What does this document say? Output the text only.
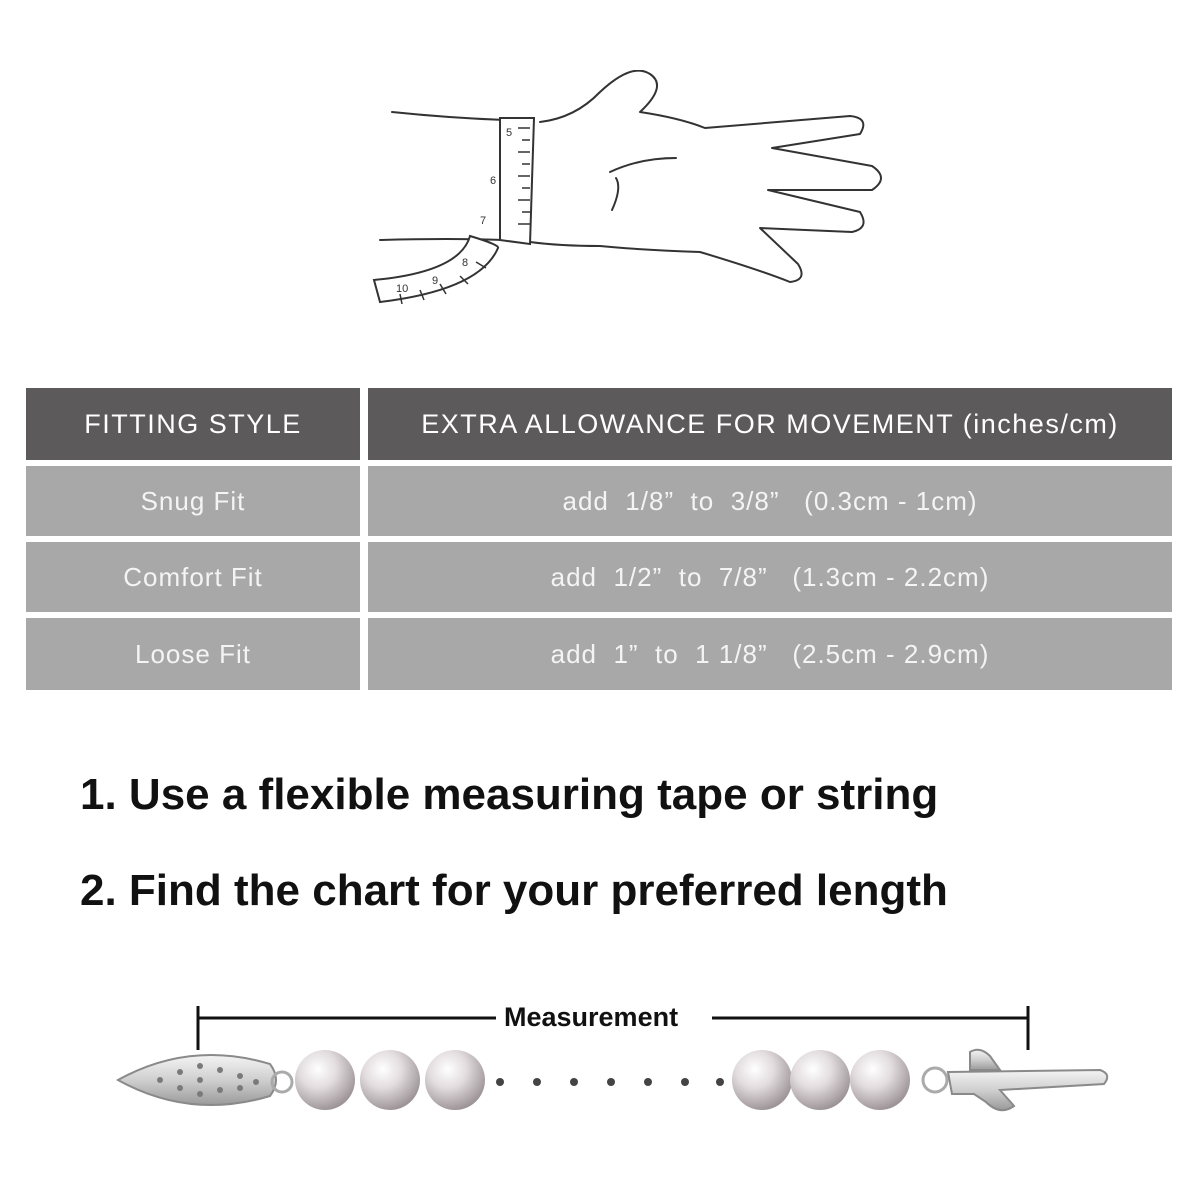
5
6
7
8
9
10
FITTING STYLE	EXTRA ALLOWANCE FOR MOVEMENT (inches/cm)
Snug Fit	add  1/8”  to  3/8”   (0.3cm - 1cm)
Comfort Fit	add  1/2”  to  7/8”   (1.3cm - 2.2cm)
Loose Fit	add  1”  to  1 1/8”   (2.5cm - 2.9cm)
1. Use a flexible measuring tape or string
2. Find the chart for your preferred length
Measurement
